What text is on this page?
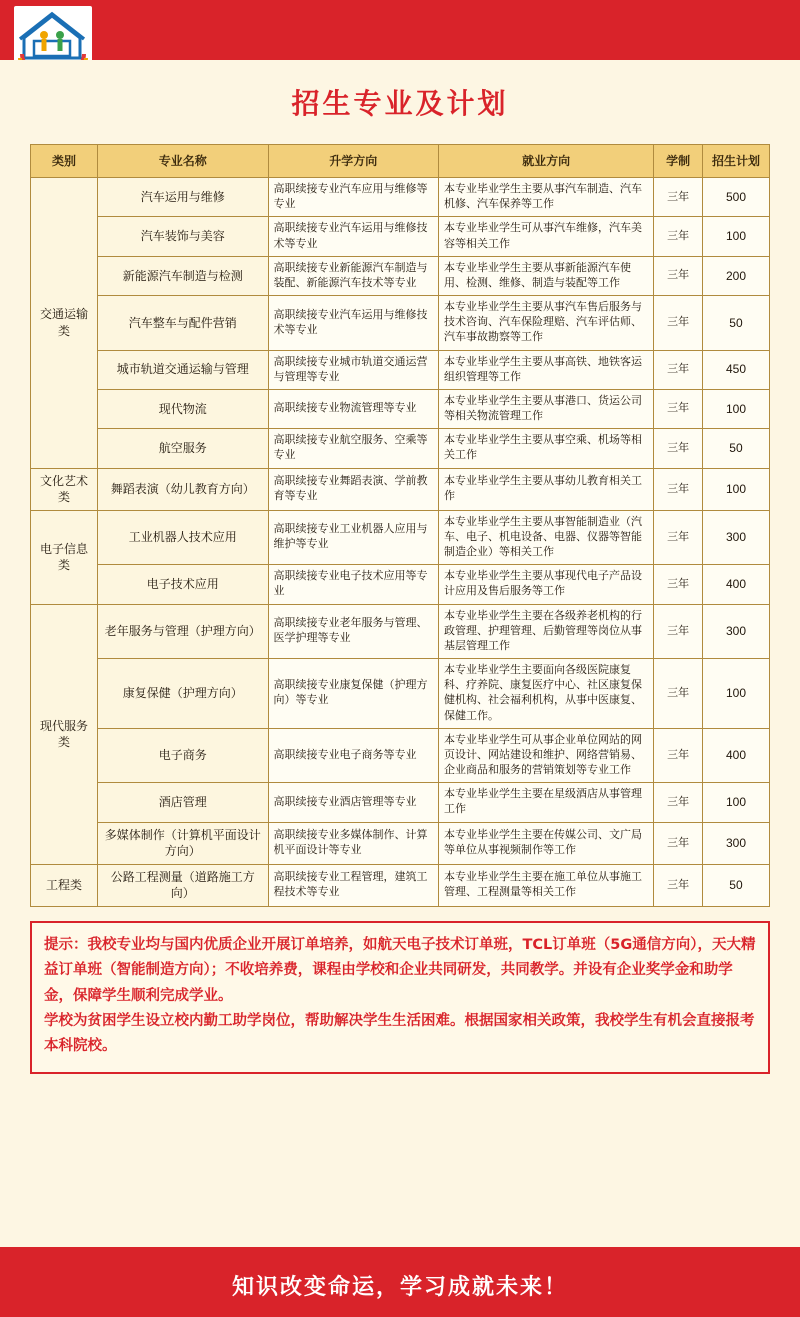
招生专业及计划
类别	专业名称	升学方向	就业方向	学制	招生计划
交通运输类	汽车运用与维修	高职续接专业汽车应用与维修等专业	本专业毕业学生主要从事汽车制造、汽车机修、汽车保养等工作	三年	500
	汽车装饰与美容	高职续接专业汽车运用与维修技术等专业	本专业毕业学生可从事汽车维修，汽车美容等相关工作	三年	100
	新能源汽车制造与检测	高职续接专业新能源汽车制造与装配、新能源汽车技术等专业	本专业毕业学生主要从事新能源汽车使用、检测、维修、制造与装配等工作	三年	200
	汽车整车与配件营销	高职续接专业汽车运用与维修技术等专业	本专业毕业学生主要从事汽车售后服务与技术咨询、汽车保险理赔、汽车评估师、汽车事故勘察等工作	三年	50
	城市轨道交通运输与管理	高职续接专业城市轨道交通运营与管理等专业	本专业毕业学生主要从事高铁、地铁客运组织管理等工作	三年	450
	现代物流	高职续接专业物流管理等专业	本专业毕业学生主要从事港口、货运公司等相关物流管理工作	三年	100
	航空服务	高职续接专业航空服务、空乘等专业	本专业毕业学生主要从事空乘、机场等相关工作	三年	50
文化艺术类	舞蹈表演（幼儿教育方向）	高职续接专业舞蹈表演、学前教育等专业	本专业毕业学生主要从事幼儿教育相关工作	三年	100
电子信息类	工业机器人技术应用	高职续接专业工业机器人应用与维护等专业	本专业毕业学生主要从事智能制造业（汽车、电子、机电设备、电器、仪器等智能制造企业）等相关工作	三年	300
	电子技术应用	高职续接专业电子技术应用等专业	本专业毕业学生主要从事现代电子产品设计应用及售后服务等工作	三年	400
现代服务类	老年服务与管理（护理方向）	高职续接专业老年服务与管理、医学护理等专业	本专业毕业学生主要在各级养老机构的行政管理、护理管理、后勤管理等岗位从事基层管理工作	三年	300
	康复保健（护理方向）	高职续接专业康复保健（护理方向）等专业	本专业毕业学生主要面向各级医院康复科、疗养院、康复医疗中心、社区康复保健机构、社会福利机构，从事中医康复、保健工作。	三年	100
	电子商务	高职续接专业电子商务等专业	本专业毕业学生可从事企业单位网站的网页设计、网站建设和维护、网络营销易、企业商品和服务的营销策划等专业工作	三年	400
	酒店管理	高职续接专业酒店管理等专业	本专业毕业学生主要在星级酒店从事管理工作	三年	100
	多媒体制作（计算机平面设计方向）	高职续接专业多媒体制作、计算机平面设计等专业	本专业毕业学生主要在传媒公司、文广局等单位从事视频制作等工作	三年	300
工程类	公路工程测量（道路施工方向）	高职续接专业工程管理，建筑工程技术等专业	本专业毕业学生主要在施工单位从事施工管理、工程测量等相关工作	三年	50

提示：我校专业均与国内优质企业开展订单培养，如航天电子技术订单班，TCL订单班（5G通信方向），天大精益订单班（智能制造方向）；不收培养费，课程由学校和企业共同研发，共同教学。并设有企业奖学金和助学金，保障学生顺利完成学业。

学校为贫困学生设立校内勤工助学岗位，帮助解决学生生活困难。根据国家相关政策，我校学生有机会直接报考本科院校。

知识改变命运，学习成就未来！
